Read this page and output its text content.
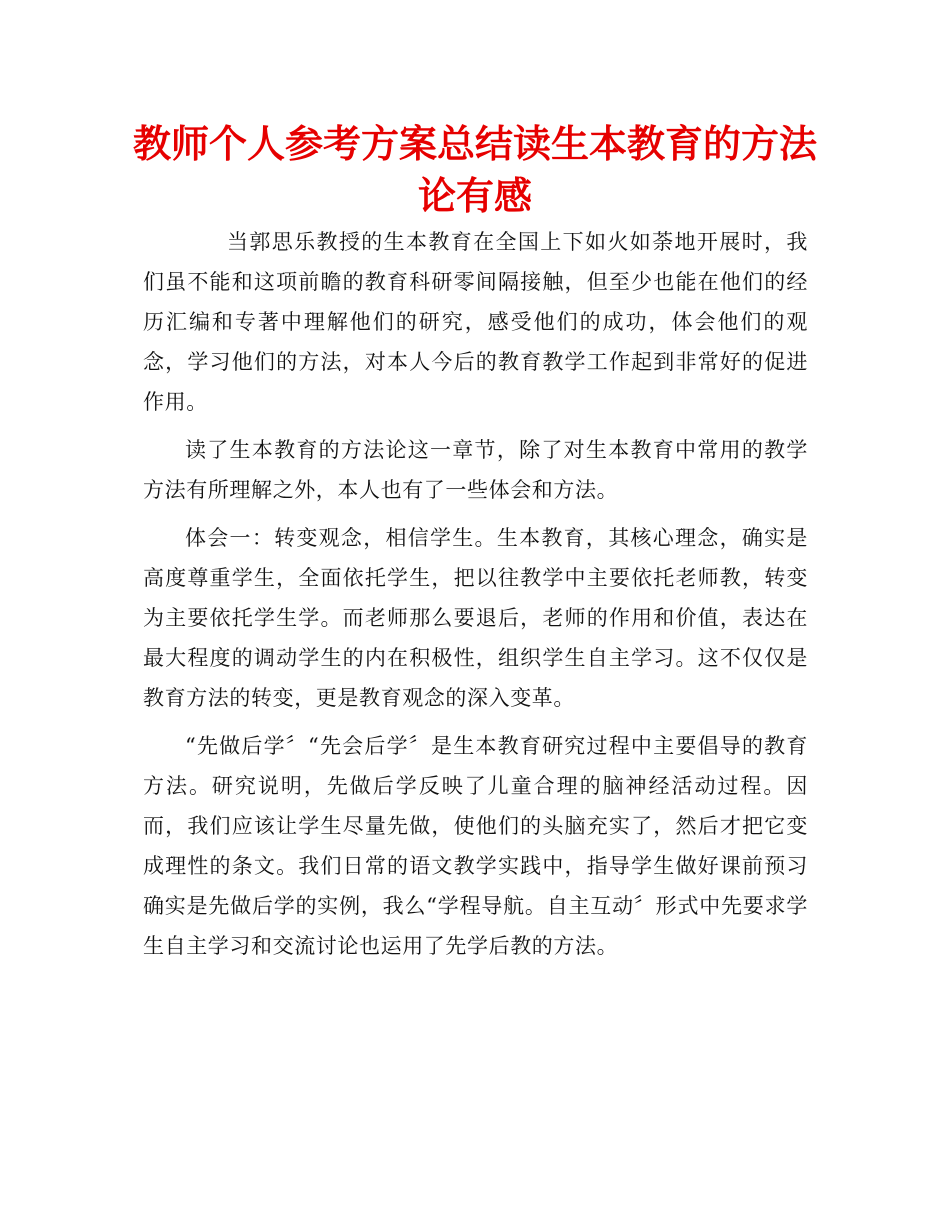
教师个人参考方案总结读生本教育的方法论有感

当郭思乐教授的生本教育在全国上下如火如荼地开展时，我们虽不能和这项前瞻的教育科研零间隔接触，但至少也能在他们的经历汇编和专著中理解他们的研究，感受他们的成功，体会他们的观念，学习他们的方法，对本人今后的教育教学工作起到非常好的促进作用。

读了生本教育的方法论这一章节，除了对生本教育中常用的教学方法有所理解之外，本人也有了一些体会和方法。

体会一：转变观念，相信学生。生本教育，其核心理念，确实是高度尊重学生，全面依托学生，把以往教学中主要依托老师教，转变为主要依托学生学。而老师那么要退后，老师的作用和价值，表达在最大程度的调动学生的内在积极性，组织学生自主学习。这不仅仅是教育方法的转变，更是教育观念的深入变革。

“先做后学〞“先会后学〞是生本教育研究过程中主要倡导的教育方法。研究说明，先做后学反映了儿童合理的脑神经活动过程。因而，我们应该让学生尽量先做，使他们的头脑充实了，然后才把它变成理性的条文。我们日常的语文教学实践中，指导学生做好课前预习确实是先做后学的实例，我么“学程导航。自主互动〞形式中先要求学生自主学习和交流讨论也运用了先学后教的方法。
